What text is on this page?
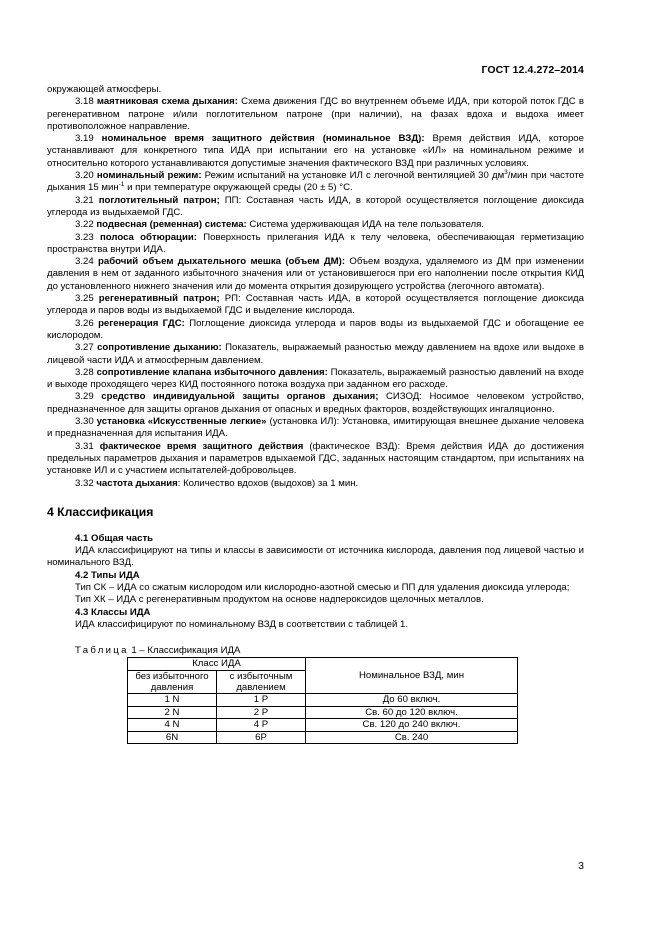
ГОСТ 12.4.272–2014

окружающей атмосферы.

3.18 маятниковая схема дыхания: Схема движения ГДС во внутреннем объеме ИДА, при которой поток ГДС в регенеративном патроне и/или поглотительном патроне (при наличии), на фазах вдоха и выдоха имеет противоположное направление.

3.19 номинальное время защитного действия (номинальное ВЗД): Время действия ИДА, которое устанавливают для конкретного типа ИДА при испытании его на установке «ИЛ» на номинальном режиме и относительно которого устанавливаются допустимые значения фактического ВЗД при различных условиях.

3.20 номинальный режим: Режим испытаний на установке ИЛ с легочной вентиляцией 30 $дм^3$/мин при частоте дыхания 15 мин$^{-1}$ и при температуре окружающей среды (20 ± 5) °С.

3.21 поглотительный патрон; ПП: Составная часть ИДА, в которой осуществляется поглощение диоксида углерода из выдыхаемой ГДС.

3.22 подвесная (ременная) система: Система удерживающая ИДА на теле пользователя.

3.23 полоса обтюрации: Поверхность прилегания ИДА к телу человека, обеспечивающая герметизацию пространства внутри ИДА.

3.24 рабочий объем дыхательного мешка (объем ДМ): Объем воздуха, удаляемого из ДМ при изменении давления в нем от заданного избыточного значения или от установившегося при его наполнении после открытия КИД до установленного нижнего значения или до момента открытия дозирующего устройства (легочного автомата).

3.25 регенеративный патрон; РП: Составная часть ИДА, в которой осуществляется поглощение диоксида углерода и паров воды из выдыхаемой ГДС и выделение кислорода.

3.26 регенерация ГДС: Поглощение диоксида углерода и паров воды из выдыхаемой ГДС и обогащение ее кислородом.

3.27 сопротивление дыханию: Показатель, выражаемый разностью между давлением на вдохе или выдохе в лицевой части ИДА и атмосферным давлением.

3.28 сопротивление клапана избыточного давления: Показатель, выражаемый разностью давлений на входе и выходе проходящего через КИД постоянного потока воздуха при заданном его расходе.

3.29 средство индивидуальной защиты органов дыхания; СИЗОД: Носимое человеком устройство, предназначенное для защиты органов дыхания от опасных и вредных факторов, воздействующих ингаляционно.

3.30 установка «Искусственные легкие» (установка ИЛ): Установка, имитирующая внешнее дыхание человека и предназначенная для испытания ИДА.

3.31 фактическое время защитного действия (фактическое ВЗД): Время действия ИДА до достижения предельных параметров дыхания и параметров вдыхаемой ГДС, заданных настоящим стандартом, при испытаниях на установке ИЛ и с участием испытателей-добровольцев.

3.32 частота дыхания: Количество вдохов (выдохов) за 1 мин.

4 Классификация

4.1 Общая часть

ИДА классифицируют на типы и классы в зависимости от источника кислорода, давления под лицевой частью и номинального ВЗД.

4.2 Типы ИДА

Тип СК – ИДА со сжатым кислородом или кислородно-азотной смесью и ПП для удаления диоксида углерода;

Тип ХК – ИДА с регенеративным продуктом на основе надпероксидов щелочных металлов.

4.3 Классы ИДА

ИДА классифицируют по номинальному ВЗД в соответствии с таблицей 1.

Таблица 1 – Классификация ИДА

Класс ИДА		Номинальное ВЗД, мин
без избыточного давления	с избыточным давлением	
1 N	1 P	До 60 включ.
2 N	2 P	Св. 60 до 120 включ.
4 N	4 P	Св. 120 до 240 включ.
6N	6P	Св. 240
3
